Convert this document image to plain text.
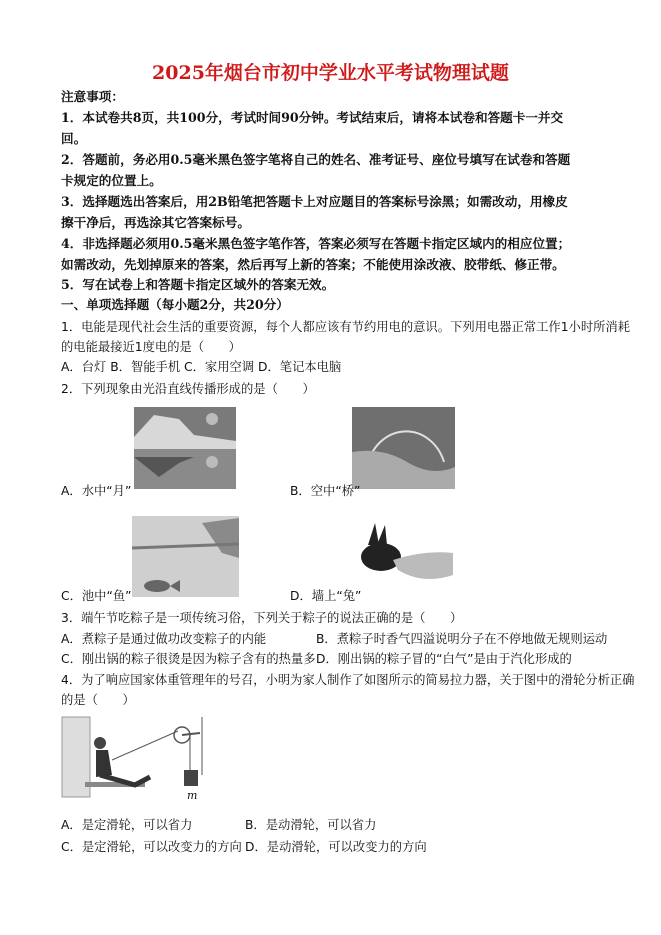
2025年烟台市初中学业水平考试物理试题
注意事项：
1．本试卷共8页，共100分，考试时间90分钟。考试结束后，请将本试卷和答题卡一并交
回。
2．答题前，务必用0.5毫米黑色签字笔将自己的姓名、准考证号、座位号填写在试卷和答题
卡规定的位置上。
3．选择题选出答案后，用2B铅笔把答题卡上对应题目的答案标号涂黑；如需改动，用橡皮
擦干净后，再选涂其它答案标号。
4．非选择题必须用0.5毫米黑色签字笔作答，答案必须写在答题卡指定区域内的相应位置；
如需改动，先划掉原来的答案，然后再写上新的答案；不能使用涂改液、胶带纸、修正带。
5．写在试卷上和答题卡指定区域外的答案无效。
一、单项选择题（每小题2分，共20分）
1．电能是现代社会生活的重要资源，每个人都应该有节约用电的意识。下列用电器正常工作1小时所消耗
的电能最接近1度电的是（　　）
A．台灯 B．智能手机 C．家用空调 D．笔记本电脑
2．下列现象由光沿直线传播形成的是（　　）
A．水中“月”	B．空中“桥”
C．池中“鱼”	D．墙上“兔”
3．端午节吃粽子是一项传统习俗，下列关于粽子的说法正确的是（　　）
A．煮粽子是通过做功改变粽子的内能	B．煮粽子时香气四溢说明分子在不停地做无规则运动
C．刚出锅的粽子很烫是因为粽子含有的热量多 D．刚出锅的粽子冒的“白气”是由于汽化形成的
4．为了响应国家体重管理年的号召，小明为家人制作了如图所示的简易拉力器，关于图中的滑轮分析正确
的是（　　）
m
A．是定滑轮，可以省力	B．是动滑轮，可以省力
C．是定滑轮，可以改变力的方向 D．是动滑轮，可以改变力的方向
